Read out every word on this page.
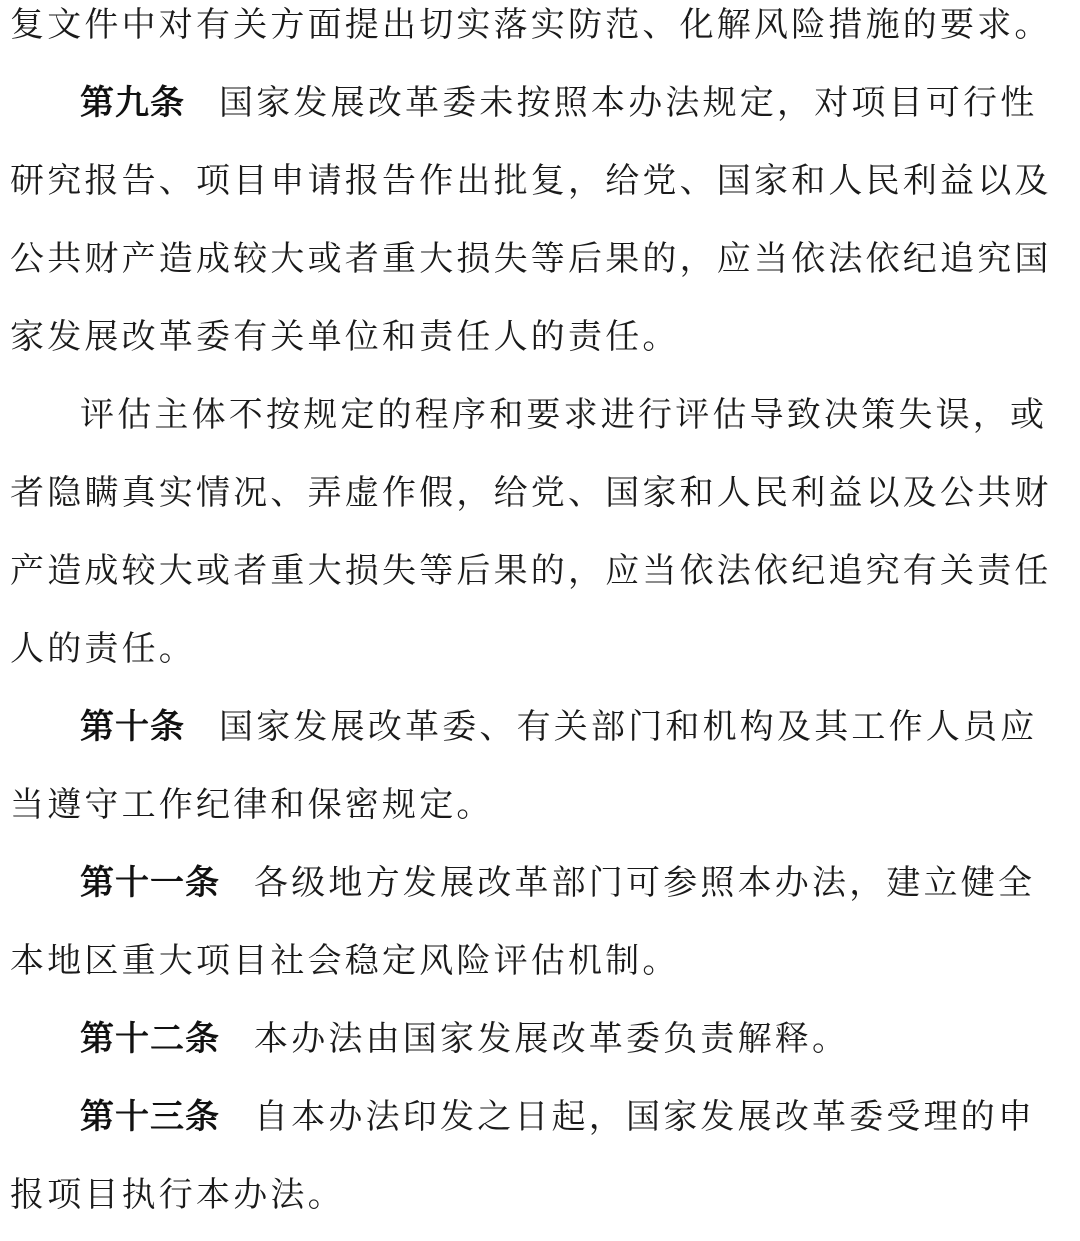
复文件中对有关方面提出切实落实防范、化解风险措施的要求。
第九条 国家发展改革委未按照本办法规定，对项目可行性
研究报告、项目申请报告作出批复，给党、国家和人民利益以及
公共财产造成较大或者重大损失等后果的，应当依法依纪追究国
家发展改革委有关单位和责任人的责任。
评估主体不按规定的程序和要求进行评估导致决策失误，或
者隐瞒真实情况、弄虚作假，给党、国家和人民利益以及公共财
产造成较大或者重大损失等后果的，应当依法依纪追究有关责任
人的责任。
第十条 国家发展改革委、有关部门和机构及其工作人员应
当遵守工作纪律和保密规定。
第十一条 各级地方发展改革部门可参照本办法，建立健全
本地区重大项目社会稳定风险评估机制。
第十二条 本办法由国家发展改革委负责解释。
第十三条 自本办法印发之日起，国家发展改革委受理的申
报项目执行本办法。
